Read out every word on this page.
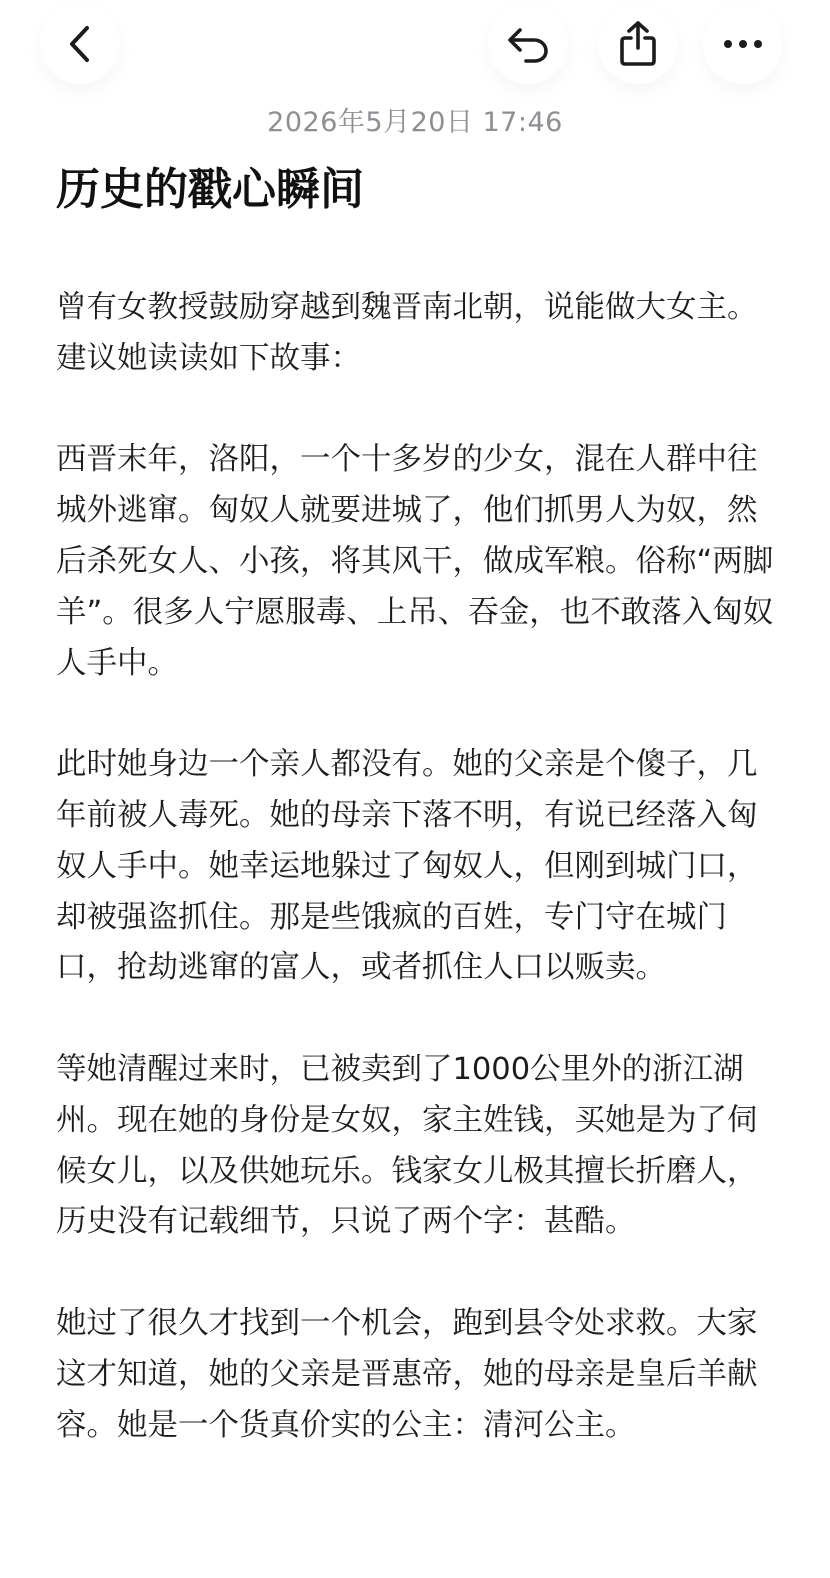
2026年5月20日 17:46
历史的戳心瞬间

曾有女教授鼓励穿越到魏晋南北朝，说能做大女主。建议她读读如下故事：

西晋末年，洛阳，一个十多岁的少女，混在人群中往城外逃窜。匈奴人就要进城了，他们抓男人为奴，然后杀死女人、小孩，将其风干，做成军粮。俗称“两脚羊”。很多人宁愿服毒、上吊、吞金，也不敢落入匈奴人手中。

此时她身边一个亲人都没有。她的父亲是个傻子，几年前被人毒死。她的母亲下落不明，有说已经落入匈奴人手中。她幸运地躲过了匈奴人，但刚到城门口，却被强盗抓住。那是些饿疯的百姓，专门守在城门口，抢劫逃窜的富人，或者抓住人口以贩卖。

等她清醒过来时，已被卖到了1000公里外的浙江湖州。现在她的身份是女奴，家主姓钱，买她是为了伺候女儿，以及供她玩乐。钱家女儿极其擅长折磨人，历史没有记载细节，只说了两个字：甚酷。

她过了很久才找到一个机会，跑到县令处求救。大家这才知道，她的父亲是晋惠帝，她的母亲是皇后羊献容。她是一个货真价实的公主：清河公主。
